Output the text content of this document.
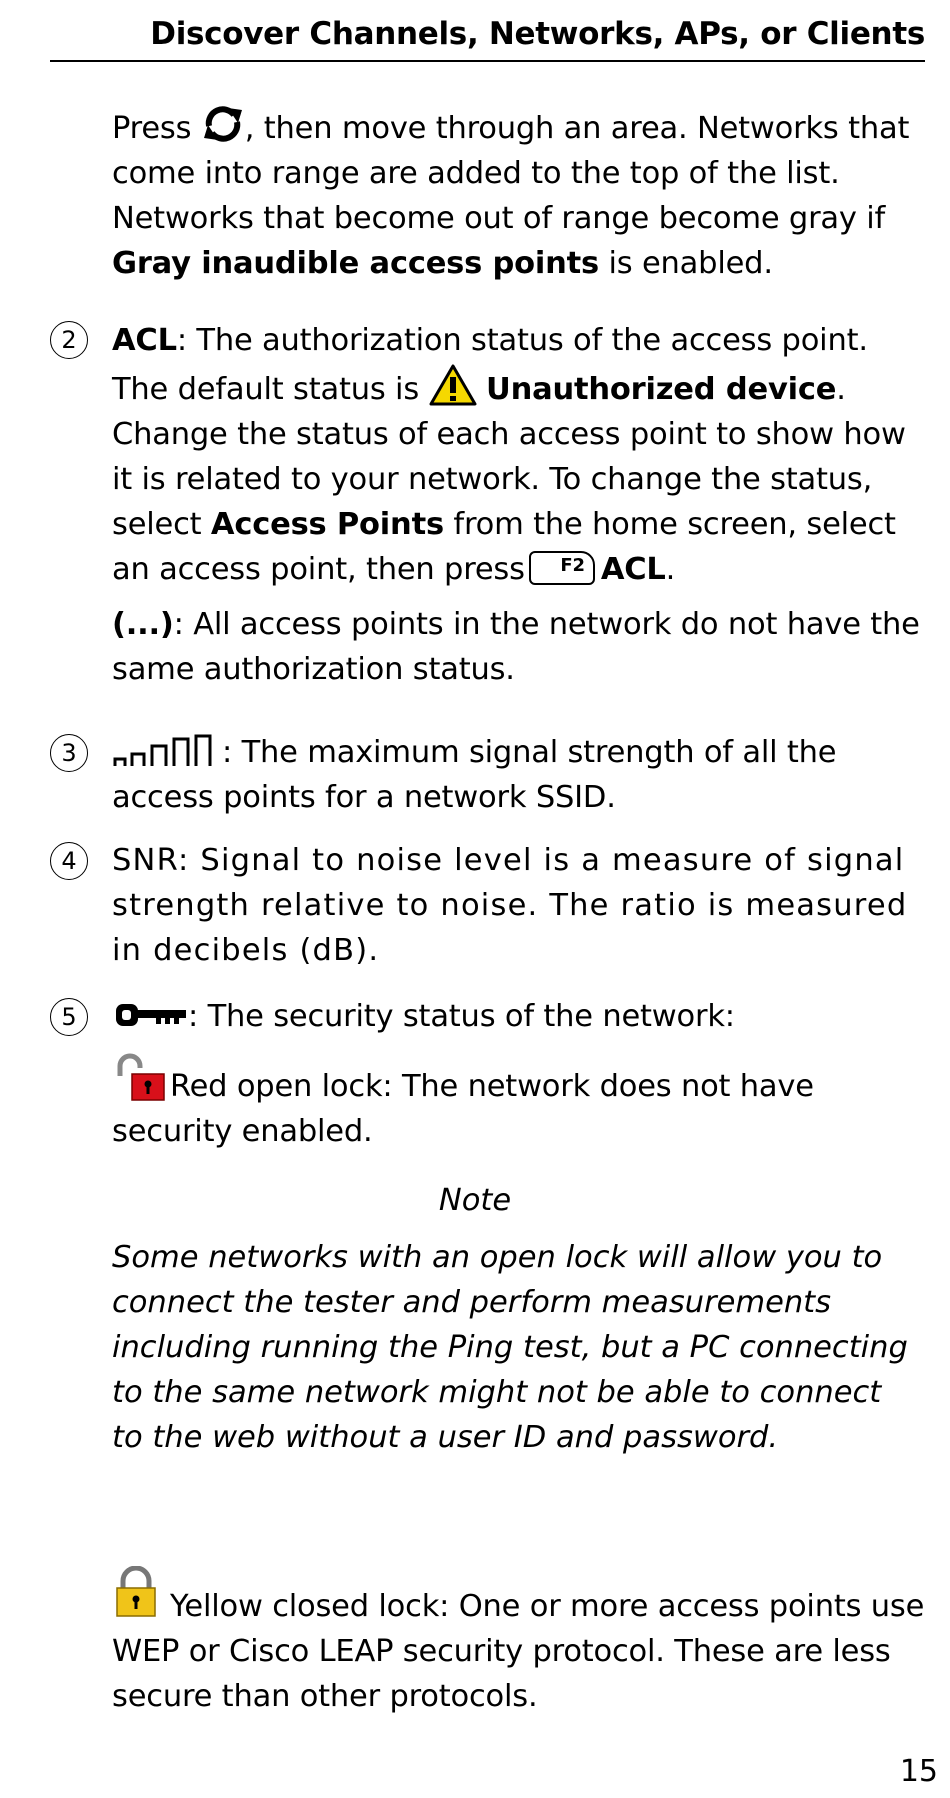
Discover Channels, Networks, APs, or Clients
Press , then move through an area. Networks that come into range are added to the top of the list. Networks that become out of range become gray if Gray inaudible access points is enabled.
2	ACL: The authorization status of the access point. The default status is Unauthorized device. Change the status of each access point to show how it is related to your network. To change the status, select Access Points from the home screen, select an access point, then press F2 ACL.
(...): All access points in the network do not have the same authorization status.
3	: The maximum signal strength of all the access points for a network SSID.
4	SNR: Signal to noise level is a measure of signal strength relative to noise. The ratio is measured in decibels (dB).
5	: The security status of the network:
Red open lock: The network does not have security enabled.
Note
Some networks with an open lock will allow you to connect the tester and perform measurements including running the Ping test, but a PC connecting to the same network might not be able to connect to the web without a user ID and password.
Yellow closed lock: One or more access points use WEP or Cisco LEAP security protocol. These are less secure than other protocols.
15
